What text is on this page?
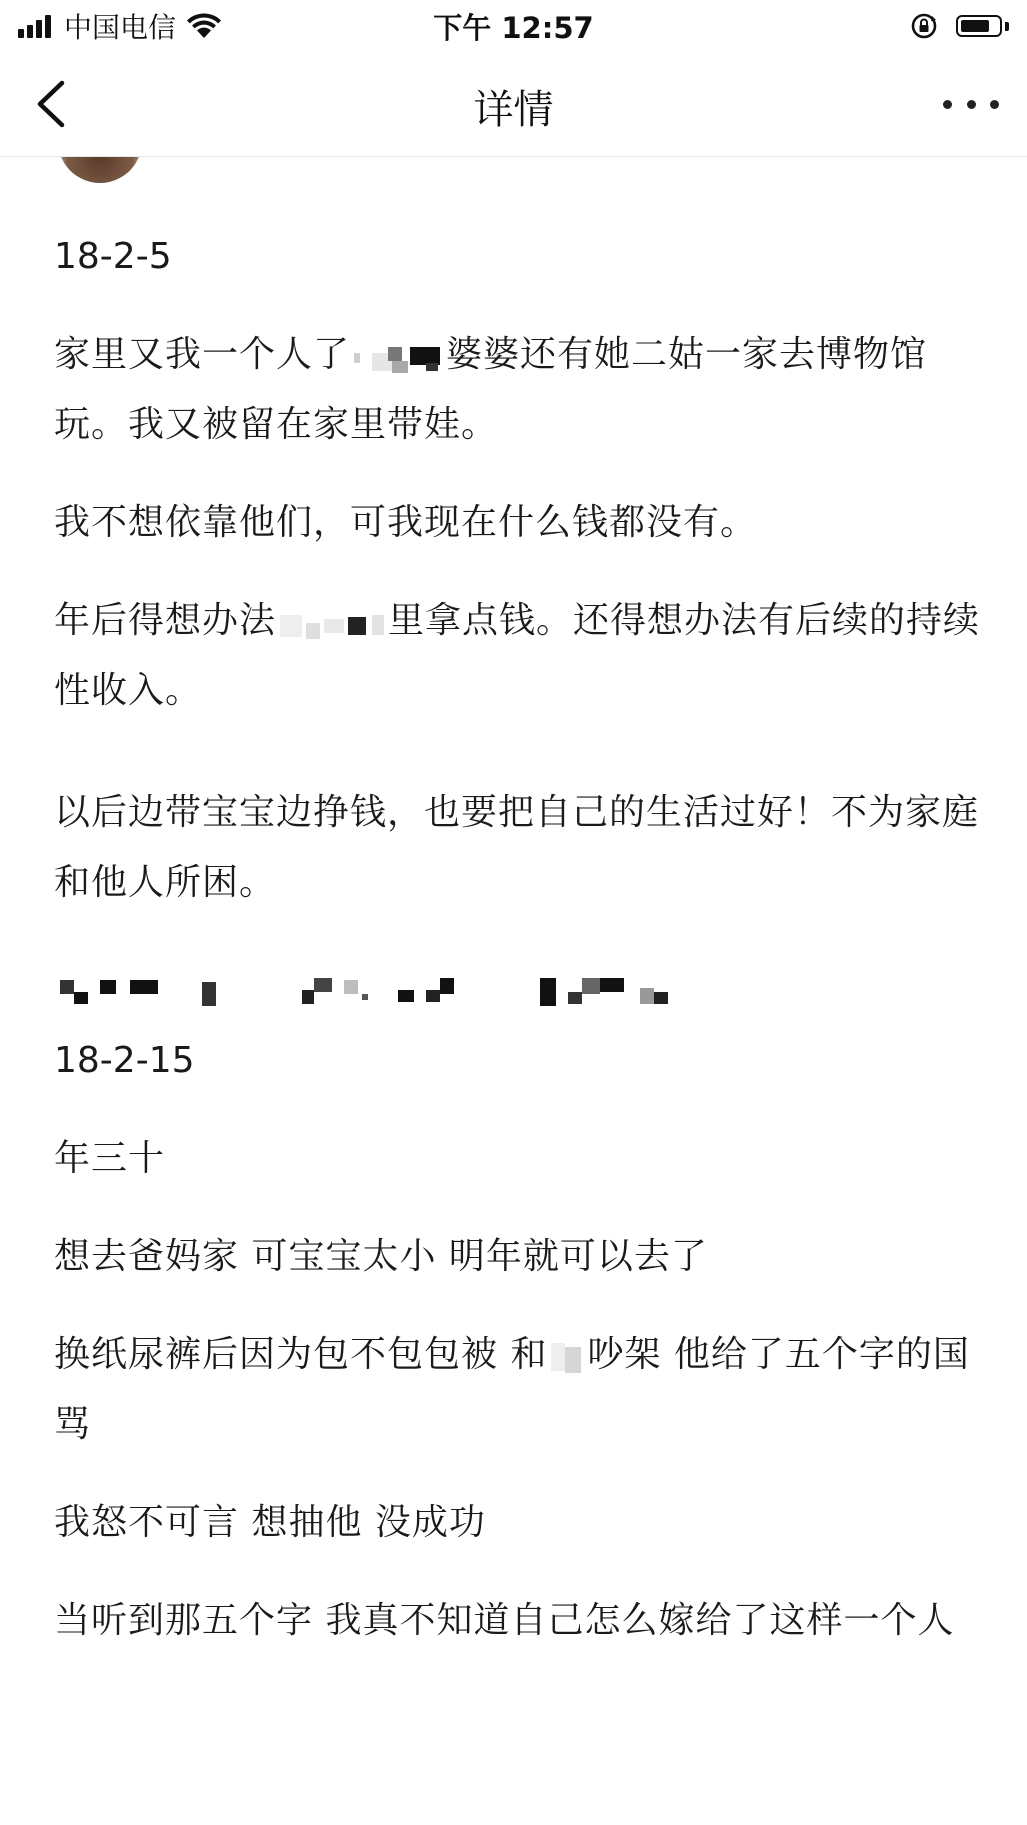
中国电信	下午 12:57
详情

18-2-5

家里又我一个人了	婆婆还有她二姑一家去博物馆玩。我又被留在家里带娃。

我不想依靠他们，可我现在什么钱都没有。

年后得想办法	里拿点钱。还得想办法有后续的持续性收入。

以后边带宝宝边挣钱，也要把自己的生活过好！不为家庭和他人所困。

18-2-15

年三十

想去爸妈家 可宝宝太小 明年就可以去了

换纸尿裤后因为包不包包被 和 吵架 他给了五个字的国骂

我怒不可言 想抽他 没成功

当听到那五个字 我真不知道自己怎么嫁给了这样一个人
